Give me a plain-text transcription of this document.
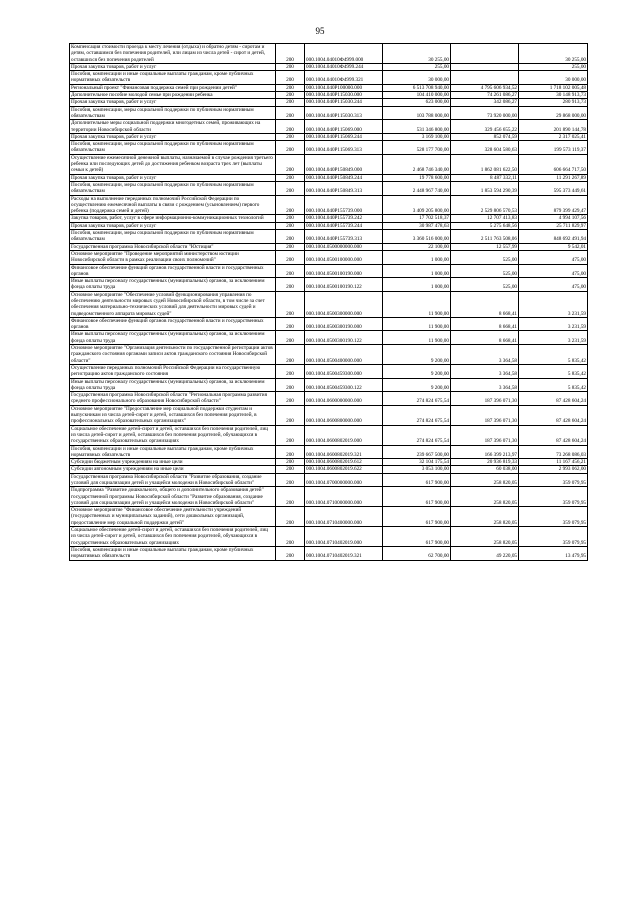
95
Компенсация стоимости проезда к месту лечения (отдыха) и обратно детям - сиротам и детям, оставшимся без попечения родителей, или лицам из числа детей - сирот и детей, оставшихся без попечения родителей	200	000.1004.04010Ф4999.000	30 255,00		30 255,00
Прочая закупка товаров, работ и услуг	200	000.1004.04010Ф4999.244	255,00		255,00
Пособия, компенсации и иные социальные выплаты гражданам, кроме публичных нормативных обязательств	200	000.1004.04010Ф4999.321	30 000,00		30 000,00
Региональный проект "Финансовая поддержка семей при рождении детей"	200	000.1004.040P100000.000	6 513 708 940,00	4 795 606 934,52	1 718 102 005,48
Дополнительное пособие молодой семье при рождении ребенка	200	000.1004.040P115030.000	104 410 000,00	74 261 086,27	30 148 913,73
Прочая закупка товаров, работ и услуг	200	000.1004.040P115030.244	623 000,00	342 086,27	280 913,73
Пособия, компенсации, меры социальной поддержки по публичным нормативным обязательствам	200	000.1004.040P115030.313	103 788 000,00	73 920 000,00	29 868 000,00
Дополнительные меры социальной поддержки многодетных семей, проживающих на территории Новосибирской области	200	000.1004.040P115069.000	531 346 800,00	329 456 655,22	201 890 144,78
Прочая закупка товаров, работ и услуг	200	000.1004.040P115069.244	3 169 100,00	852 074,59	2 317 025,41
Пособия, компенсации, меры социальной поддержки по публичным нормативным обязательствам	200	000.1004.040P115069.313	528 177 700,00	328 604 580,63	199 573 119,37
Осуществление ежемесячной денежной выплаты, назначаемой в случае рождения третьего ребенка или последующих детей до достижения ребенком возраста трех лет (выплаты семьи к детей)	200	000.1004.040P150849.000	2 468 746 340,00	1 862 081 622,50	606 664 717,50
Прочая закупка товаров, работ и услуг	200	000.1004.040P150849.244	19 778 600,00	8 487 332,11	11 291 267,89
Пособия, компенсации, меры социальной поддержки по публичным нормативным обязательствам	200	000.1004.040P150849.313	2 448 967 740,00	1 853 594 290,39	595 373 449,61
Расходы на выполнение переданных полномочий Российской Федерации по осуществлению ежемесячной выплаты в связи с рождением (усыновлением) первого ребенка (поддержка семей и детей)	200	000.1004.040P155739.000	3 409 205 800,00	2 529 806 570,53	879 399 429,47
Закупка товаров, работ, услуг в сфере информационно-коммуникационных технологий	200	000.1004.040P155739.242	17 702 518,37	12 707 413,83	4 994 107,56
Прочая закупка товаров, работ и услуг	200	000.1004.040P155739.244	30 987 478,63	5 275 648,56	25 711 829,97
Пособия, компенсации, меры социальной поддержки по публичным нормативным обязательствам	200	000.1004.040P155739.313	3 360 516 000,00	2 511 763 508,06	848 692 491,94
Государственная программа Новосибирской области "Юстиция"	200	000.1004.0500000000.000	22 100,00	12 557,99	9 542,01
Основное мероприятие "Проведение мероприятий министерством юстиции Новосибирской области в рамках реализации своих полномочий"	200	000.1004.0500100000.000	1 000,00	525,00	475,00
Финансовое обеспечение функций органов государственной власти и государственных органов	200	000.1004.0500100190.000	1 000,00	525,00	475,00
Иные выплаты персоналу государственных (муниципальных) органов, за исключением фонда оплаты труда	200	000.1004.0500100190.122	1 000,00	525,00	475,00
Основное мероприятие "Обеспечение условий функционирования управления по обеспечению деятельности мировых судей Новосибирской области, в том числе за счет обеспечения материально-технических условий для деятельности мировых судей и подведомственного аппарата мировых судей"	200	000.1004.0500300000.000	11 900,00	8 668,41	3 231,59
Финансовое обеспечение функций органов государственной власти и государственных органов	200	000.1004.0500300190.000	11 900,00	8 668,41	3 231,59
Иные выплаты персоналу государственных (муниципальных) органов, за исключением фонда оплаты труда	200	000.1004.0500300190.122	11 900,00	8 668,41	3 231,59
Основное мероприятие "Организация деятельности по государственной регистрации актов гражданского состояния органами записи актов гражданского состояния Новосибирской области"	200	000.1004.0500400000.000	9 200,00	3 364,58	5 835,42
Осуществление переданных полномочий Российской Федерации на государственную регистрацию актов гражданского состояния	200	000.1004.0500459300.000	9 200,00	3 364,58	5 835,42
Иные выплаты персоналу государственных (муниципальных) органов, за исключением фонда оплаты труда	200	000.1004.0500459300.122	9 200,00	3 364,58	5 835,42
Государственная программа Новосибирской области "Региональная программа развития среднего профессионального образования Новосибирской области"	200	000.1004.0600000000.000	274 824 675,54	187 396 071,30	87 428 604,24
Основное мероприятие "Предоставление мер социальной поддержки студентам и выпускникам из числа детей-сирот и детей, оставшихся без попечения родителей, в профессиональных образовательных организациях"	200	000.1004.0600800000.000	274 824 675,54	187 396 071,30	87 428 604,24
Социальное обеспечение детей-сирот и детей, оставшихся без попечения родителей, лиц из числа детей-сирот и детей, оставшихся без попечения родителей, обучающихся в государственных образовательных организациях	200	000.1004.0600802019.000	274 824 675,54	187 396 071,30	87 428 604,24
Пособия, компенсации и иные социальные выплаты гражданам, кроме публичных нормативных обязательств	200	000.1004.0600802019.321	239 667 500,00	166 399 213,97	73 268 086,03
Субсидии бюджетным учреждениям на иные цели	200	000.1004.0600802019.612	32 104 175,54	20 936 819,33	11 167 456,21
Субсидии автономным учреждениям на иные цели	200	000.1004.0600802019.622	3 053 100,00	60 038,00	2 993 062,00
Государственная программа Новосибирской области "Развитие образования, создание условий для социализации детей и учащейся молодежи в Новосибирской области"	200	000.1004.0700000000.000	617 900,00	258 820,05	359 079,95
Подпрограмма "Развитие дошкольного, общего и дополнительного образования детей" государственной программы Новосибирской области "Развитие образования, создание условий для социализации детей и учащейся молодежи в Новосибирской области"	200	000.1004.0710000000.000	617 900,00	258 820,05	359 079,95
Основное мероприятие "Финансовое обеспечение деятельности учреждений (государственных и муниципальных заданий), сети дошкольных организаций, предоставление мер социальной поддержки детей"	200	000.1004.0710400000.000	617 900,00	258 820,05	359 079,95
Социальное обеспечение детей-сирот и детей, оставшихся без попечения родителей, лиц из числа детей-сирот и детей, оставшихся без попечения родителей, обучающихся в государственных образовательных организациях	200	000.1004.0710402019.000	617 900,00	258 820,05	359 079,95
Пособия, компенсации и иные социальные выплаты гражданам, кроме публичных нормативных обязательств	200	000.1004.0710402019.321	62 700,00	49 220,05	13 479,95
